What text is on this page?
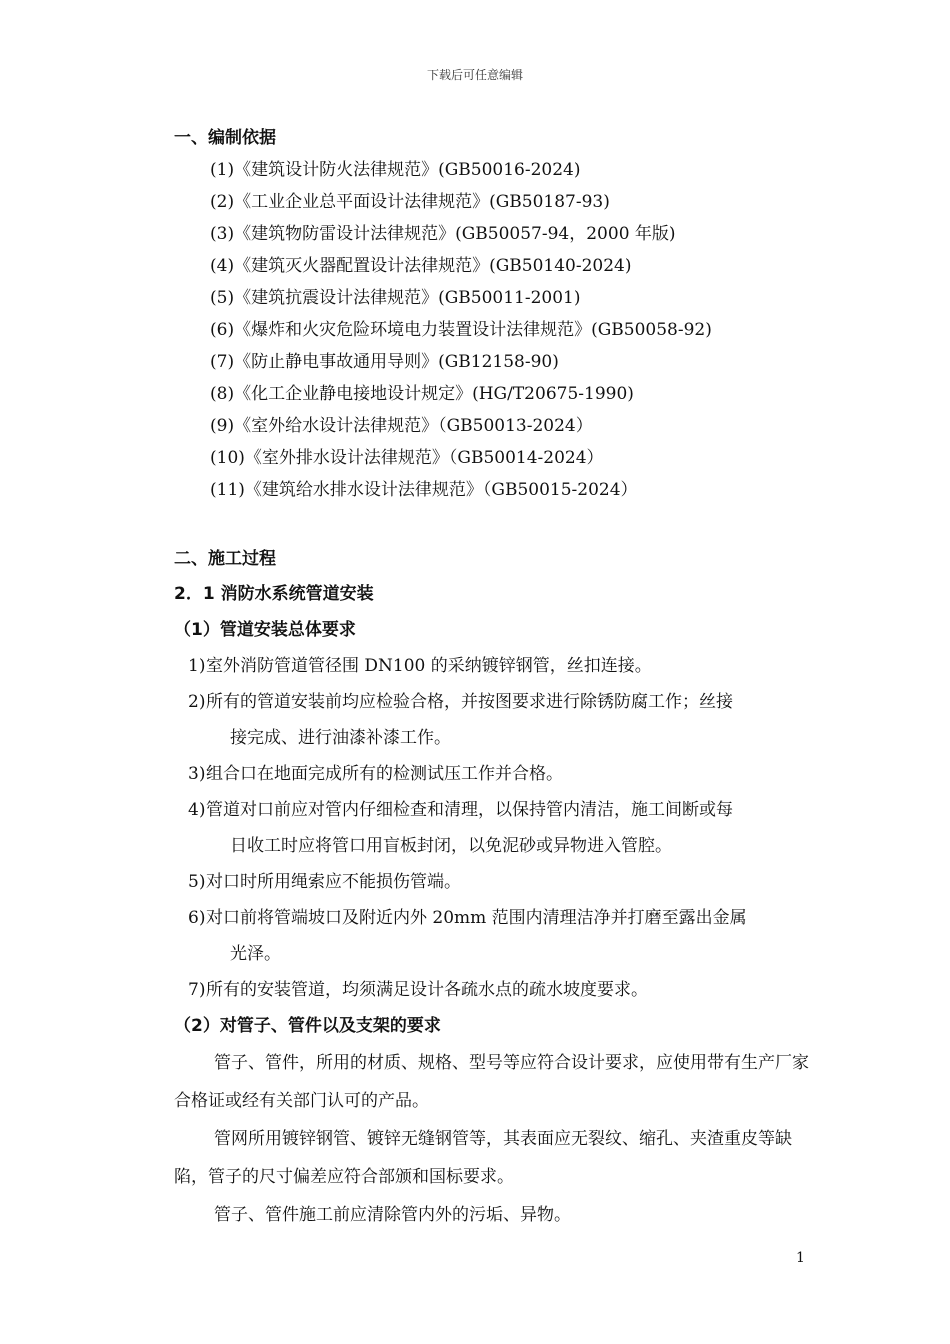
下载后可任意编辑
一、编制依据
(1)《建筑设计防火法律规范》(GB50016-2024)
(2)《工业企业总平面设计法律规范》(GB50187-93)
(3)《建筑物防雷设计法律规范》(GB50057-94，2000 年版)
(4)《建筑灭火器配置设计法律规范》(GB50140-2024)
(5)《建筑抗震设计法律规范》(GB50011-2001)
(6)《爆炸和火灾危险环境电力装置设计法律规范》(GB50058-92)
(7)《防止静电事故通用导则》(GB12158-90)
(8)《化工企业静电接地设计规定》(HG/T20675-1990)
(9)《室外给水设计法律规范》（GB50013-2024）
(10)《室外排水设计法律规范》（GB50014-2024）
(11)《建筑给水排水设计法律规范》（GB50015-2024）
二、施工过程
2．1 消防水系统管道安装
（1）管道安装总体要求
1) 室外消防管道管径围 DN100 的采纳镀锌钢管，丝扣连接。
2) 所有的管道安装前均应检验合格，并按图要求进行除锈防腐工作；丝接
接完成、进行油漆补漆工作。
3) 组合口在地面完成所有的检测试压工作并合格。
4) 管道对口前应对管内仔细检查和清理，以保持管内清洁，施工间断或每
日收工时应将管口用盲板封闭，以免泥砂或异物进入管腔。
5) 对口时所用绳索应不能损伤管端。
6) 对口前将管端坡口及附近内外 20mm 范围内清理洁净并打磨至露出金属
光泽。
7) 所有的安装管道，均须满足设计各疏水点的疏水坡度要求。
（2）对管子、管件以及支架的要求

管子、管件，所用的材质、规格、型号等应符合设计要求，应使用带有生产厂家合格证或经有关部门认可的产品。

管网所用镀锌钢管、镀锌无缝钢管等，其表面应无裂纹、缩孔、夹渣重皮等缺陷，管子的尺寸偏差应符合部颁和国标要求。

管子、管件施工前应清除管内外的污垢、异物。

1
